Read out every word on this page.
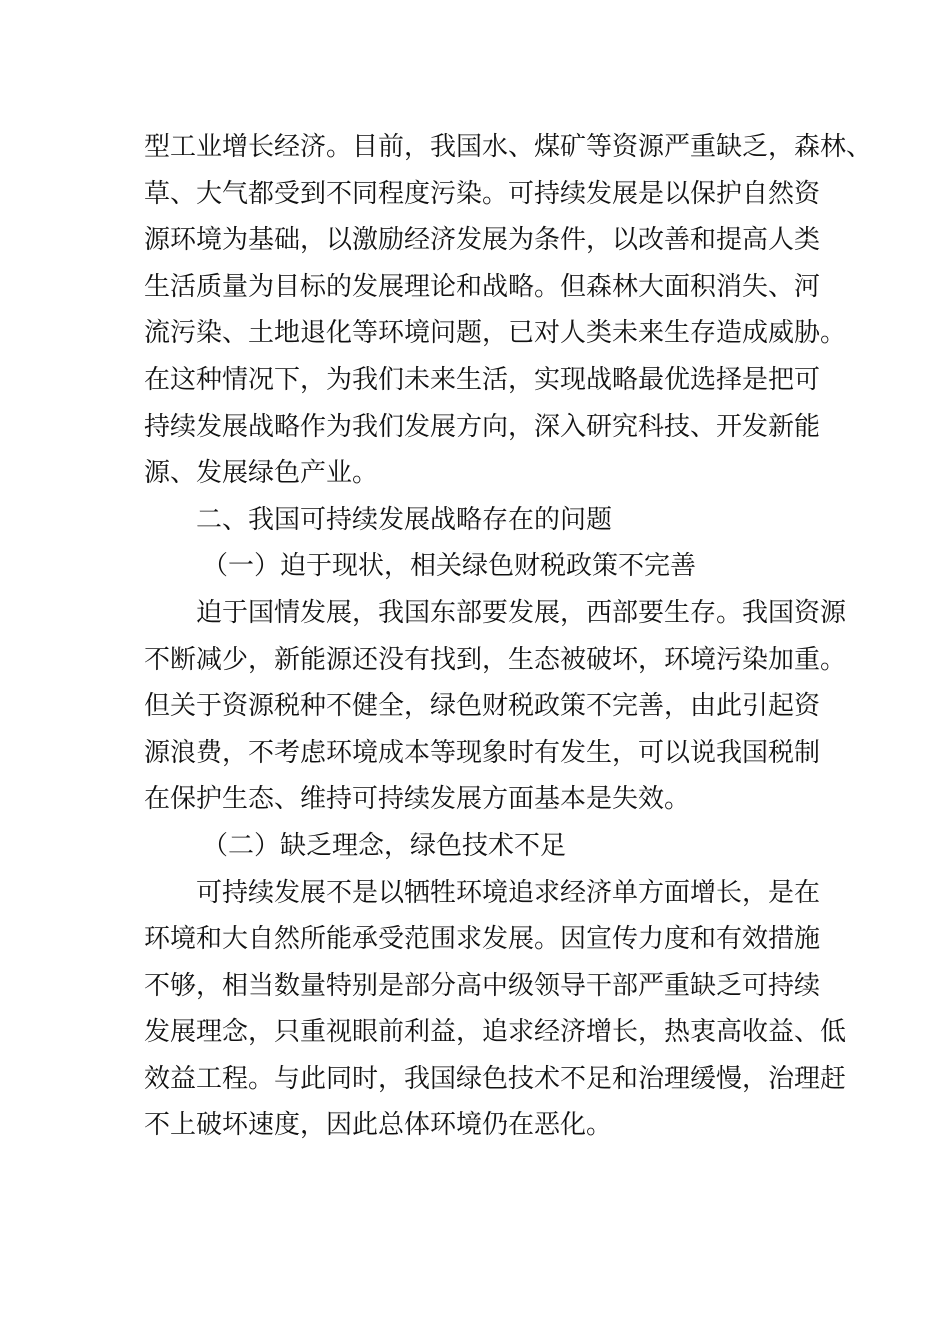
型工业增长经济。目前，我国水、煤矿等资源严重缺乏，森林、
草、大气都受到不同程度污染。可持续发展是以保护自然资
源环境为基础，以激励经济发展为条件，以改善和提高人类
生活质量为目标的发展理论和战略。但森林大面积消失、河
流污染、土地退化等环境问题，已对人类未来生存造成威胁。
在这种情况下，为我们未来生活，实现战略最优选择是把可
持续发展战略作为我们发展方向，深入研究科技、开发新能
源、发展绿色产业。
二、我国可持续发展战略存在的问题
（一）迫于现状，相关绿色财税政策不完善
迫于国情发展，我国东部要发展，西部要生存。我国资源
不断减少，新能源还没有找到，生态被破坏，环境污染加重。
但关于资源税种不健全，绿色财税政策不完善，由此引起资
源浪费，不考虑环境成本等现象时有发生，可以说我国税制
在保护生态、维持可持续发展方面基本是失效。
（二）缺乏理念，绿色技术不足
可持续发展不是以牺牲环境追求经济单方面增长，是在
环境和大自然所能承受范围求发展。因宣传力度和有效措施
不够，相当数量特别是部分高中级领导干部严重缺乏可持续
发展理念，只重视眼前利益，追求经济增长，热衷高收益、低
效益工程。与此同时，我国绿色技术不足和治理缓慢，治理赶
不上破坏速度，因此总体环境仍在恶化。
